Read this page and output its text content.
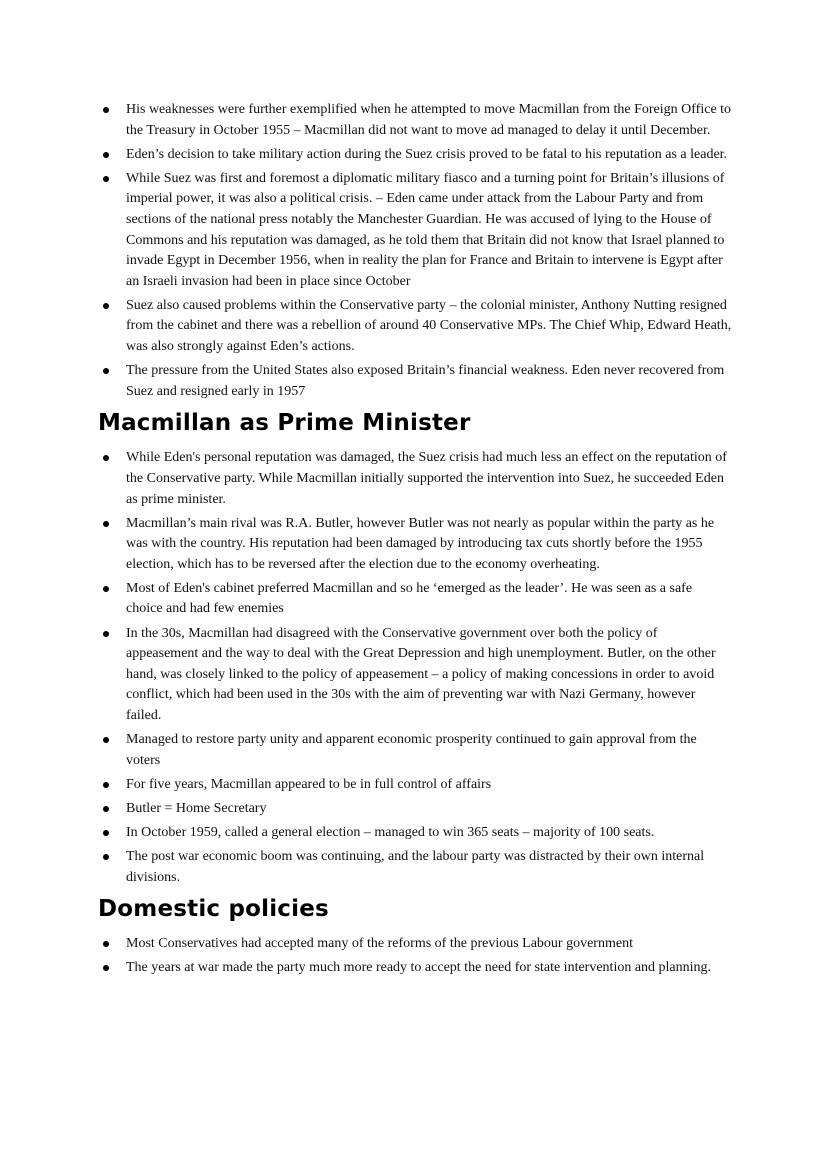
His weaknesses were further exemplified when he attempted to move Macmillan from the Foreign Office to the Treasury in October 1955 – Macmillan did not want to move ad managed to delay it until December.
Eden’s decision to take military action during the Suez crisis proved to be fatal to his reputation as a leader.
While Suez was first and foremost a diplomatic military fiasco and a turning point for Britain’s illusions of imperial power, it was also a political crisis. – Eden came under attack from the Labour Party and from sections of the national press notably the Manchester Guardian. He was accused of lying to the House of Commons and his reputation was damaged, as he told them that Britain did not know that Israel planned to invade Egypt in December 1956, when in reality the plan for France and Britain to intervene is Egypt after an Israeli invasion had been in place since October
Suez also caused problems within the Conservative party – the colonial minister, Anthony Nutting resigned from the cabinet and there was a rebellion of around 40 Conservative MPs. The Chief Whip, Edward Heath, was also strongly against Eden’s actions.
The pressure from the United States also exposed Britain’s financial weakness. Eden never recovered from Suez and resigned early in 1957
Macmillan as Prime Minister
While Eden's personal reputation was damaged, the Suez crisis had much less an effect on the reputation of the Conservative party. While Macmillan initially supported the intervention into Suez, he succeeded Eden as prime minister.
Macmillan’s main rival was R.A. Butler, however Butler was not nearly as popular within the party as he was with the country. His reputation had been damaged by introducing tax cuts shortly before the 1955 election, which has to be reversed after the election due to the economy overheating.
Most of Eden's cabinet preferred Macmillan and so he ‘emerged as the leader’. He was seen as a safe choice and had few enemies
In the 30s, Macmillan had disagreed with the Conservative government over both the policy of appeasement and the way to deal with the Great Depression and high unemployment. Butler, on the other hand, was closely linked to the policy of appeasement – a policy of making concessions in order to avoid conflict, which had been used in the 30s with the aim of preventing war with Nazi Germany, however failed.
Managed to restore party unity and apparent economic prosperity continued to gain approval from the voters
For five years, Macmillan appeared to be in full control of affairs
Butler = Home Secretary
In October 1959, called a general election – managed to win 365 seats – majority of 100 seats.
The post war economic boom was continuing, and the labour party was distracted by their own internal divisions.
Domestic policies
Most Conservatives had accepted many of the reforms of the previous Labour government
The years at war made the party much more ready to accept the need for state intervention and planning.
